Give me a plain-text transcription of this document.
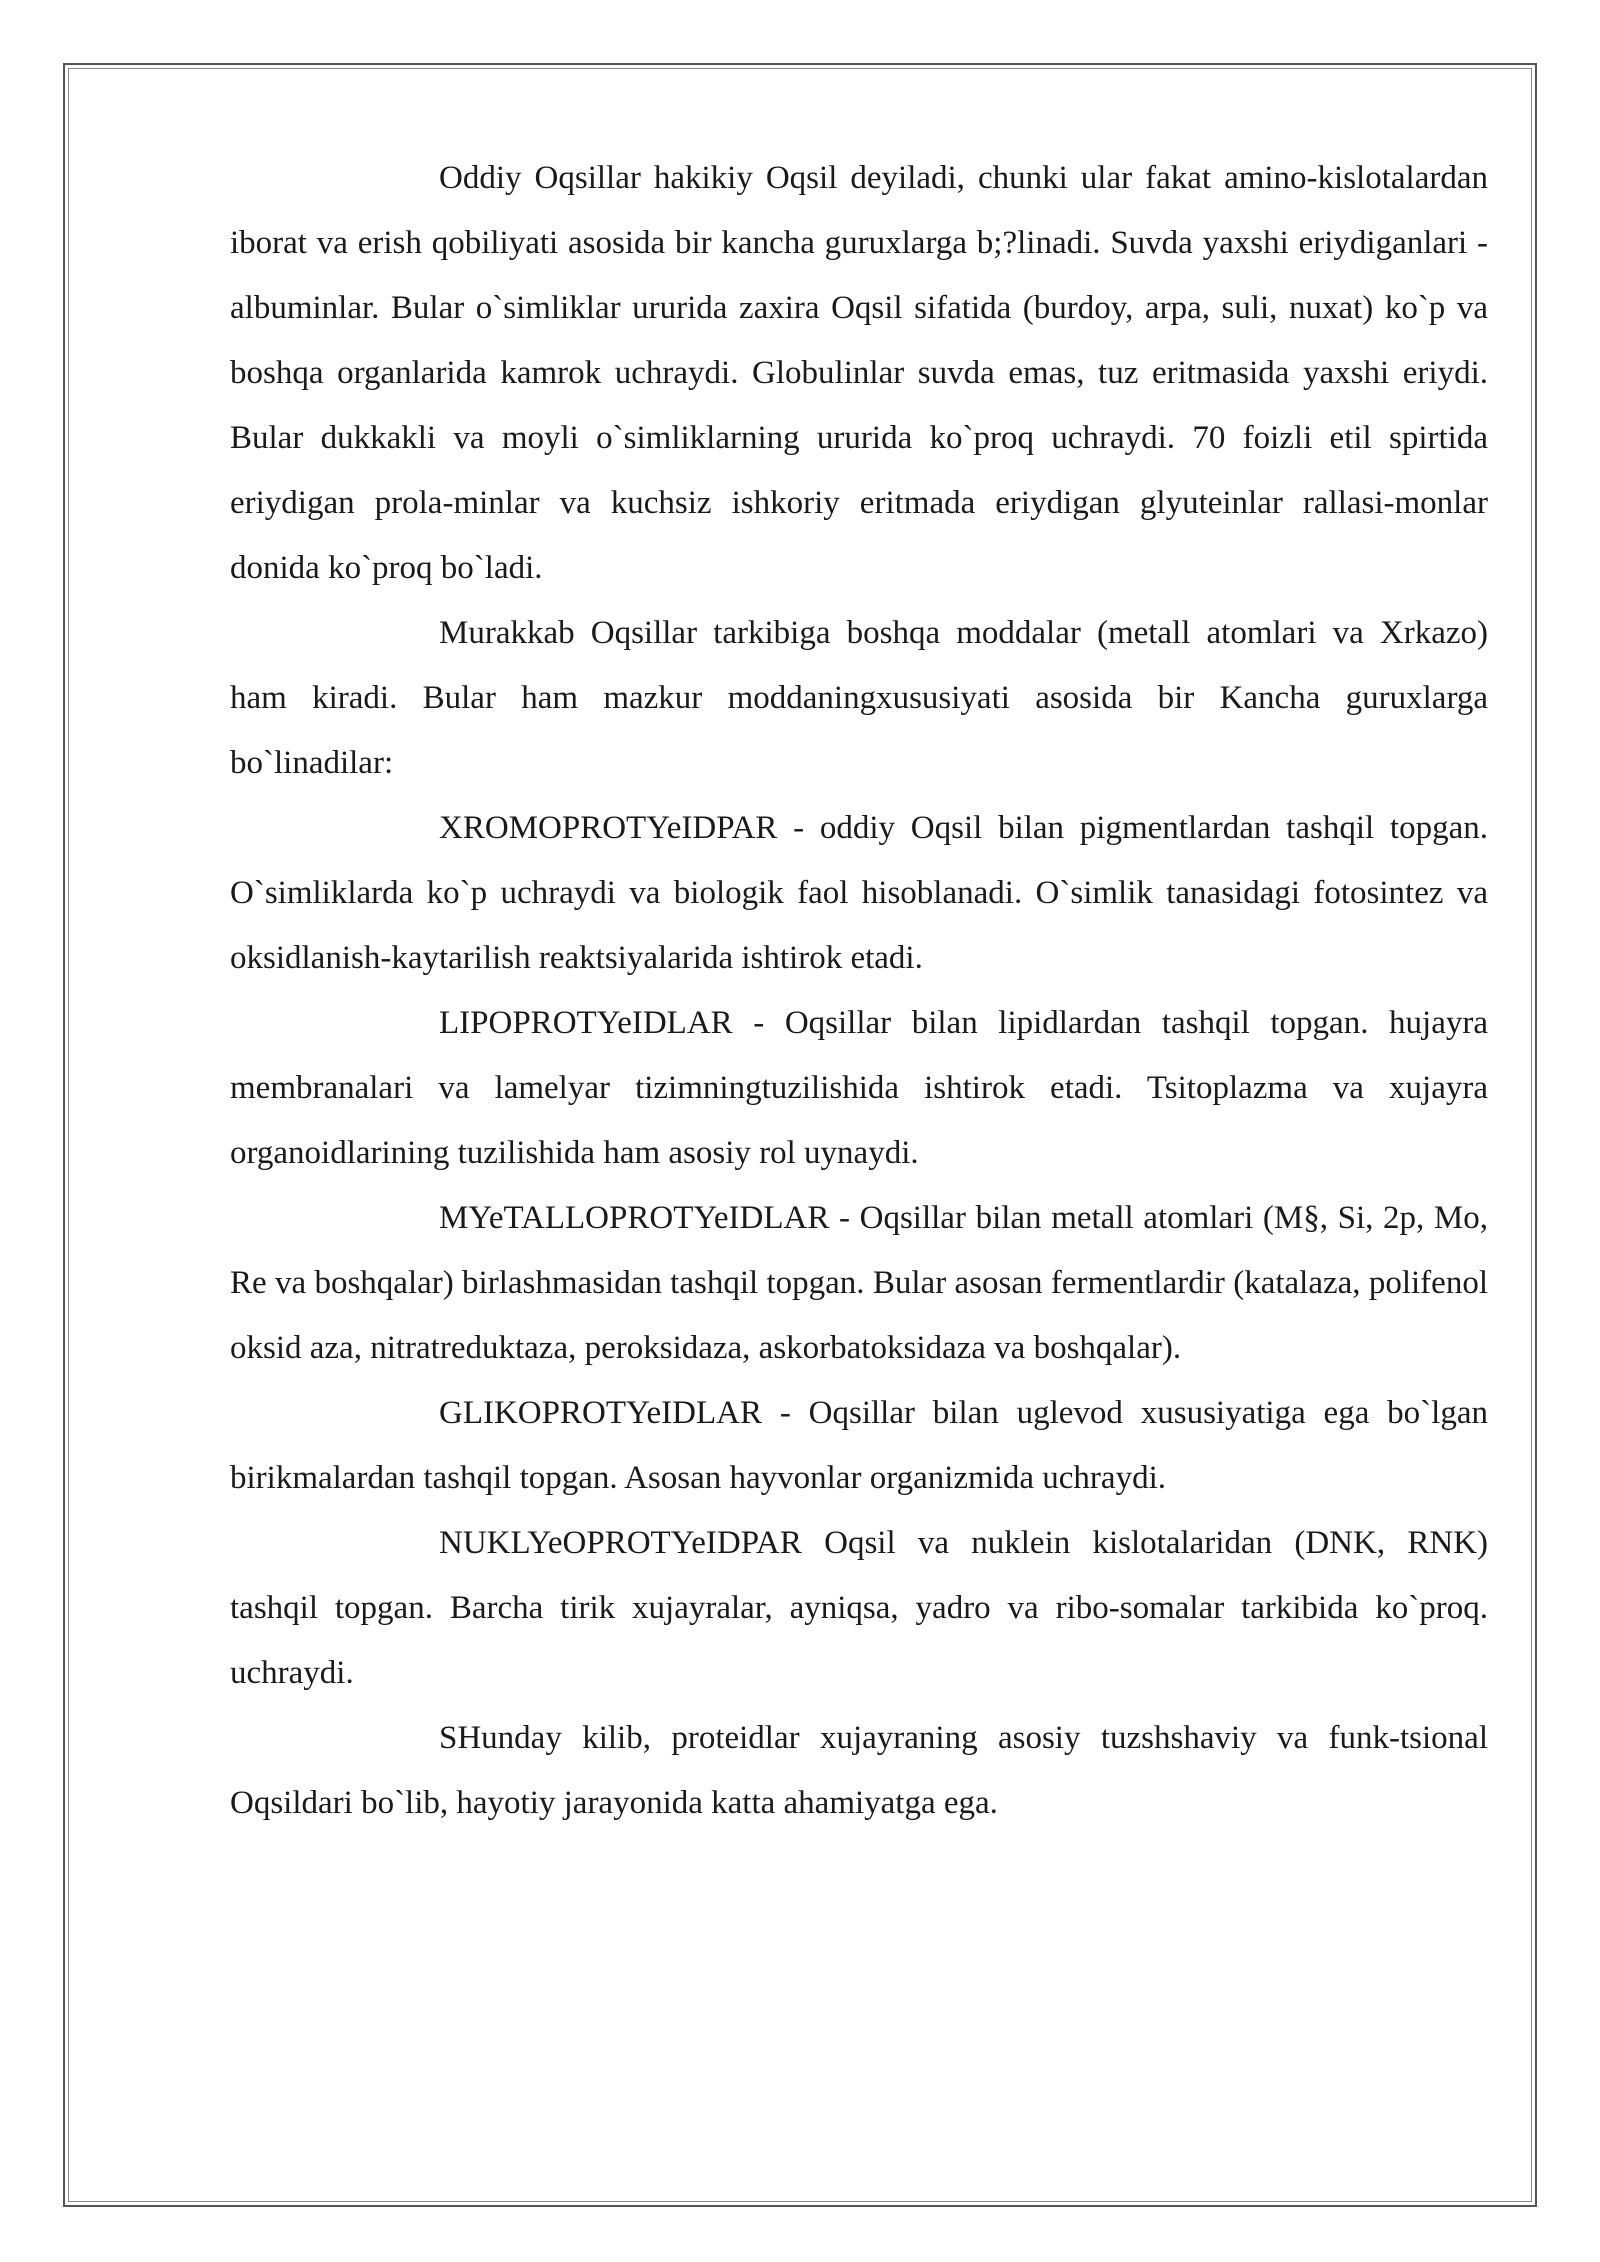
Oddiy Oqsillar hakikiy Oqsil deyiladi, chunki ular fakat amino-kislotalardan iborat va erish qobiliyati asosida bir kancha guruxlarga b;?linadi. Suvda yaxshi eriydiganlari - albuminlar. Bular o`simliklar ururida zaxira Oqsil sifatida (burdoy, arpa, suli, nuxat) ko`p va boshqa organlarida kamrok uchraydi. Globulinlar suvda emas, tuz eritmasida yaxshi eriydi. Bular dukkakli va moyli o`simliklarning ururida ko`proq uchraydi. 70 foizli etil spirtida eriydigan prola-minlar va kuchsiz ishkoriy eritmada eriydigan glyuteinlar rallasi-monlar donida ko`proq bo`ladi.

Murakkab Oqsillar tarkibiga boshqa moddalar (metall atomlari va Xrkazo) ham kiradi. Bular ham mazkur moddaningxususiyati asosida bir Kancha guruxlarga bo`linadilar:

XROMOPROTYeIDPAR - oddiy Oqsil bilan pigmentlardan tashqil topgan. O`simliklarda ko`p uchraydi va biologik faol hisoblanadi. O`simlik tanasidagi fotosintez va oksidlanish-kaytarilish reaktsiyalarida ishtirok etadi.

LIPOPROTYeIDLAR - Oqsillar bilan lipidlardan tashqil topgan. hujayra membranalari va lamelyar tizimningtuzilishida ishtirok etadi. Tsitoplazma va xujayra organoidlarining tuzilishida ham asosiy rol uynaydi.

MYeTALLOPROTYeIDLAR - Oqsillar bilan metall atomlari (M§, Si, 2p, Mo, Re va boshqalar) birlashmasidan tashqil topgan. Bular asosan fermentlardir (katalaza, polifenol oksid aza, nitratreduktaza, peroksidaza, askorbatoksidaza va boshqalar).

GLIKOPROTYeIDLAR - Oqsillar bilan uglevod xususiyatiga ega bo`lgan birikmalardan tashqil topgan. Asosan hayvonlar organizmida uchraydi.

NUKLYeOPROTYeIDPAR Oqsil va nuklein kislotalaridan (DNK, RNK) tashqil topgan. Barcha tirik xujayralar, ayniqsa, yadro va ribo-somalar tarkibida ko`proq. uchraydi.

SHunday kilib, proteidlar xujayraning asosiy tuzshshaviy va funk-tsional Oqsildari bo`lib, hayotiy jarayonida katta ahamiyatga ega.
